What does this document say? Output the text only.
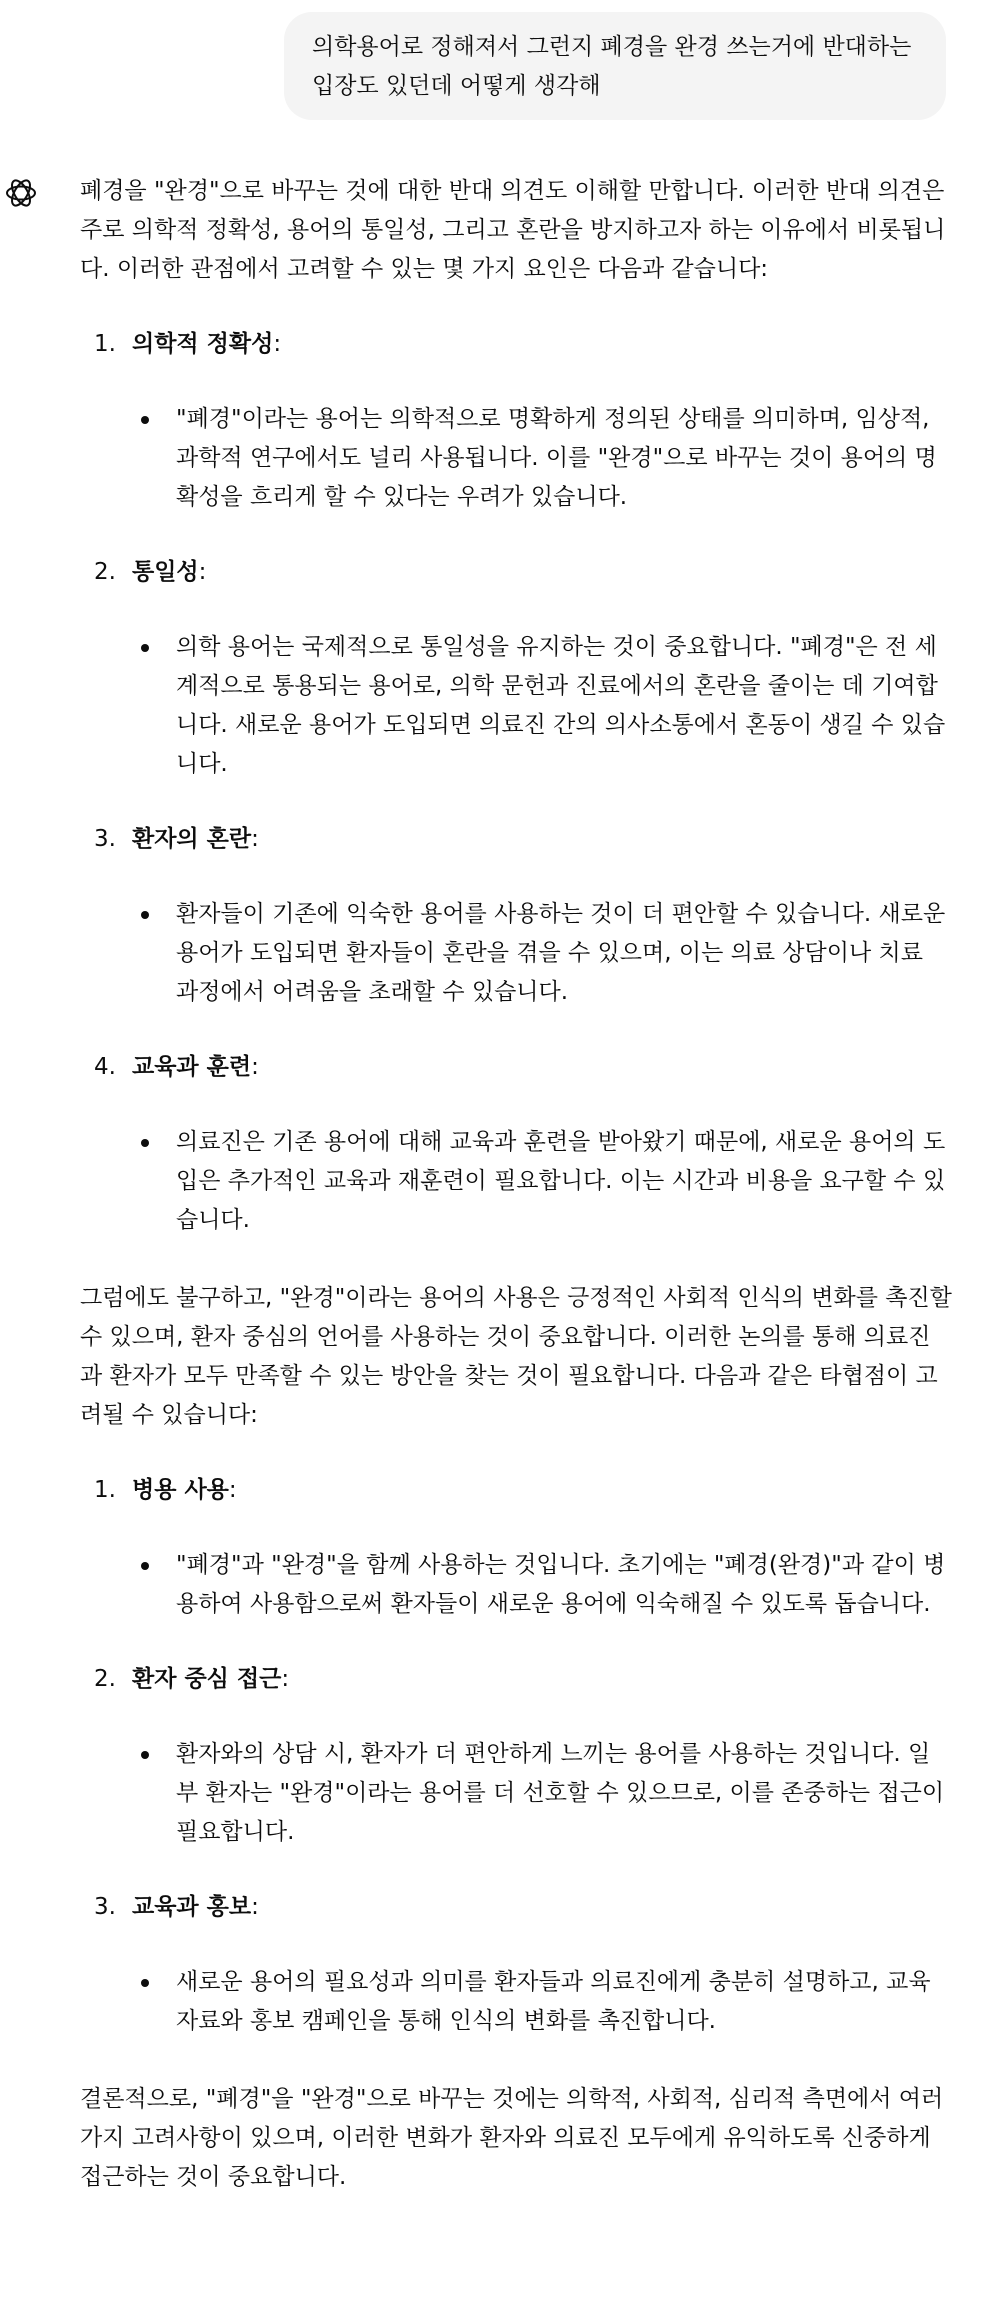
의학용어로 정해져서 그런지 폐경을 완경 쓰는거에 반대하는 입장도 있던데 어떻게 생각해

폐경을 "완경"으로 바꾸는 것에 대한 반대 의견도 이해할 만합니다. 이러한 반대 의견은 주로 의학적 정확성, 용어의 통일성, 그리고 혼란을 방지하고자 하는 이유에서 비롯됩니다. 이러한 관점에서 고려할 수 있는 몇 가지 요인은 다음과 같습니다:

1. 의학적 정확성:
"폐경"이라는 용어는 의학적으로 명확하게 정의된 상태를 의미하며, 임상적, 과학적 연구에서도 널리 사용됩니다. 이를 "완경"으로 바꾸는 것이 용어의 명확성을 흐리게 할 수 있다는 우려가 있습니다.
2. 통일성:
의학 용어는 국제적으로 통일성을 유지하는 것이 중요합니다. "폐경"은 전 세계적으로 통용되는 용어로, 의학 문헌과 진료에서의 혼란을 줄이는 데 기여합니다. 새로운 용어가 도입되면 의료진 간의 의사소통에서 혼동이 생길 수 있습니다.
3. 환자의 혼란:
환자들이 기존에 익숙한 용어를 사용하는 것이 더 편안할 수 있습니다. 새로운 용어가 도입되면 환자들이 혼란을 겪을 수 있으며, 이는 의료 상담이나 치료 과정에서 어려움을 초래할 수 있습니다.
4. 교육과 훈련:
의료진은 기존 용어에 대해 교육과 훈련을 받아왔기 때문에, 새로운 용어의 도입은 추가적인 교육과 재훈련이 필요합니다. 이는 시간과 비용을 요구할 수 있습니다.

그럼에도 불구하고, "완경"이라는 용어의 사용은 긍정적인 사회적 인식의 변화를 촉진할 수 있으며, 환자 중심의 언어를 사용하는 것이 중요합니다. 이러한 논의를 통해 의료진과 환자가 모두 만족할 수 있는 방안을 찾는 것이 필요합니다. 다음과 같은 타협점이 고려될 수 있습니다:

1. 병용 사용:
"폐경"과 "완경"을 함께 사용하는 것입니다. 초기에는 "폐경(완경)"과 같이 병용하여 사용함으로써 환자들이 새로운 용어에 익숙해질 수 있도록 돕습니다.
2. 환자 중심 접근:
환자와의 상담 시, 환자가 더 편안하게 느끼는 용어를 사용하는 것입니다. 일부 환자는 "완경"이라는 용어를 더 선호할 수 있으므로, 이를 존중하는 접근이 필요합니다.
3. 교육과 홍보:
새로운 용어의 필요성과 의미를 환자들과 의료진에게 충분히 설명하고, 교육 자료와 홍보 캠페인을 통해 인식의 변화를 촉진합니다.

결론적으로, "폐경"을 "완경"으로 바꾸는 것에는 의학적, 사회적, 심리적 측면에서 여러 가지 고려사항이 있으며, 이러한 변화가 환자와 의료진 모두에게 유익하도록 신중하게 접근하는 것이 중요합니다.
